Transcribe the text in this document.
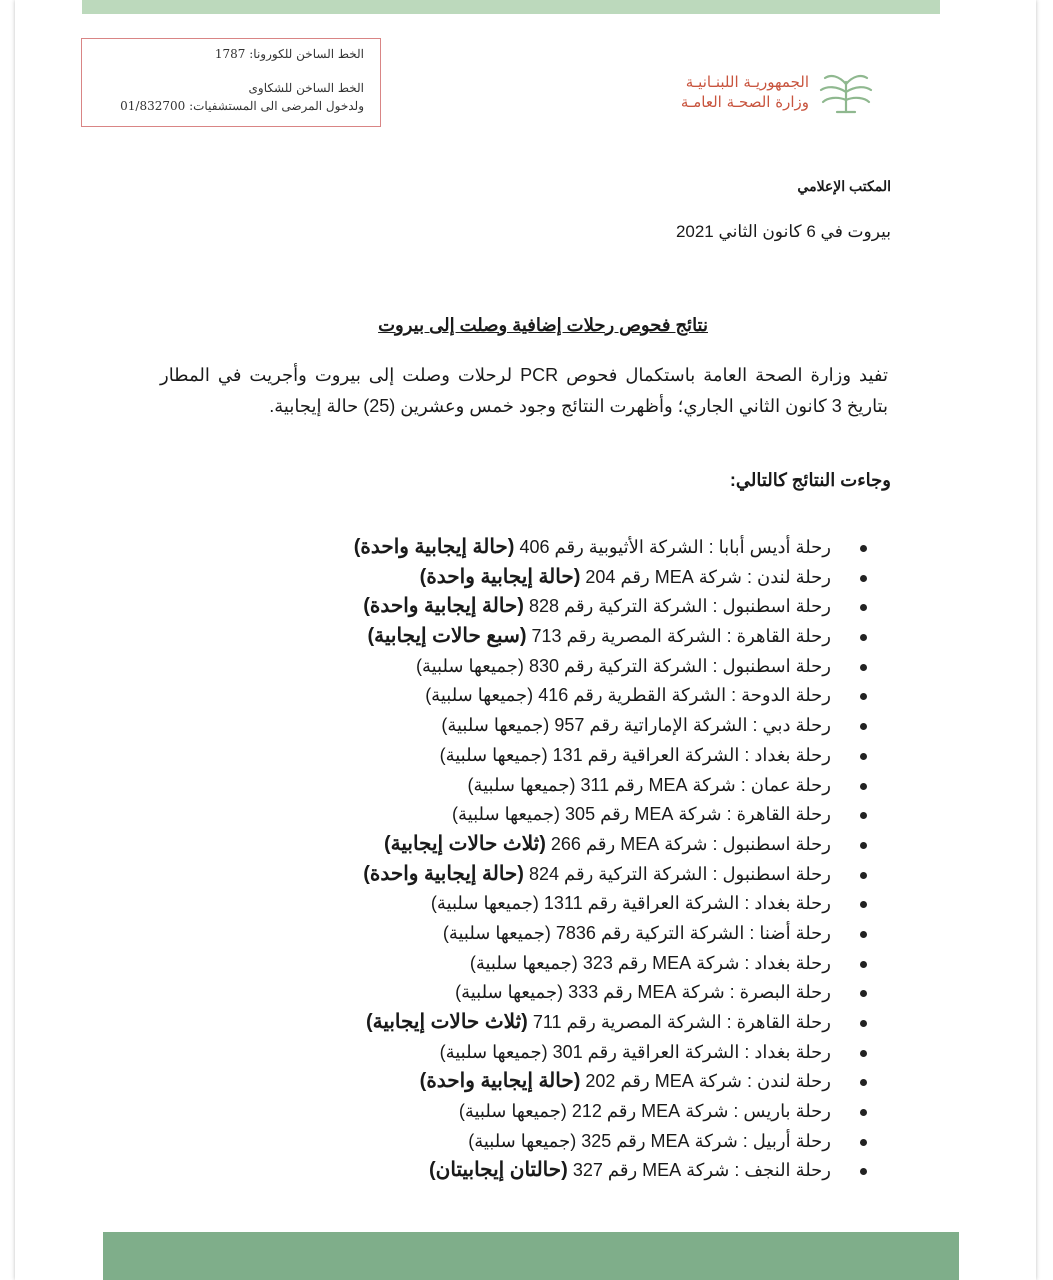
الخط الساخن للكورونا: 1787
الخط الساخن للشكاوى
ولدخول المرضى الى المستشفيات: 01/832700
الجمهوريـة اللبنـانيـة
وزارة الصحـة العامـة
المكتب الإعلامي
بيروت في 6 كانون الثاني 2021
نتائج فحوص رحلات إضافية وصلت إلى بيروت
تفيد وزارة الصحة العامة باستكمال فحوص PCR لرحلات وصلت إلى بيروت وأجريت في المطار بتاريخ 3 كانون الثاني الجاري؛ وأظهرت النتائج وجود خمس وعشرين (25) حالة إيجابية.
وجاءت النتائج كالتالي:
رحلة أديس أبابا : الشركة الأثيوبية رقم 406 (حالة إيجابية واحدة)
رحلة لندن : شركة MEA رقم 204 (حالة إيجابية واحدة)
رحلة اسطنبول : الشركة التركية رقم 828 (حالة إيجابية واحدة)
رحلة القاهرة : الشركة المصرية رقم 713 (سبع حالات إيجابية)
رحلة اسطنبول : الشركة التركية رقم 830 (جميعها سلبية)
رحلة الدوحة : الشركة القطرية رقم 416 (جميعها سلبية)
رحلة دبي : الشركة الإماراتية رقم 957 (جميعها سلبية)
رحلة بغداد : الشركة العراقية رقم 131 (جميعها سلبية)
رحلة عمان : شركة MEA رقم 311 (جميعها سلبية)
رحلة القاهرة : شركة MEA رقم 305 (جميعها سلبية)
رحلة اسطنبول : شركة MEA رقم 266 (ثلاث حالات إيجابية)
رحلة اسطنبول : الشركة التركية رقم 824 (حالة إيجابية واحدة)
رحلة بغداد : الشركة العراقية رقم 1311 (جميعها سلبية)
رحلة أضنا : الشركة التركية رقم 7836 (جميعها سلبية)
رحلة بغداد : شركة MEA رقم 323 (جميعها سلبية)
رحلة البصرة : شركة MEA رقم 333 (جميعها سلبية)
رحلة القاهرة : الشركة المصرية رقم 711 (ثلاث حالات إيجابية)
رحلة بغداد : الشركة العراقية رقم 301 (جميعها سلبية)
رحلة لندن : شركة MEA رقم 202 (حالة إيجابية واحدة)
رحلة باريس : شركة MEA رقم 212 (جميعها سلبية)
رحلة أربيل : شركة MEA رقم 325 (جميعها سلبية)
رحلة النجف : شركة MEA رقم 327 (حالتان إيجابيتان)
